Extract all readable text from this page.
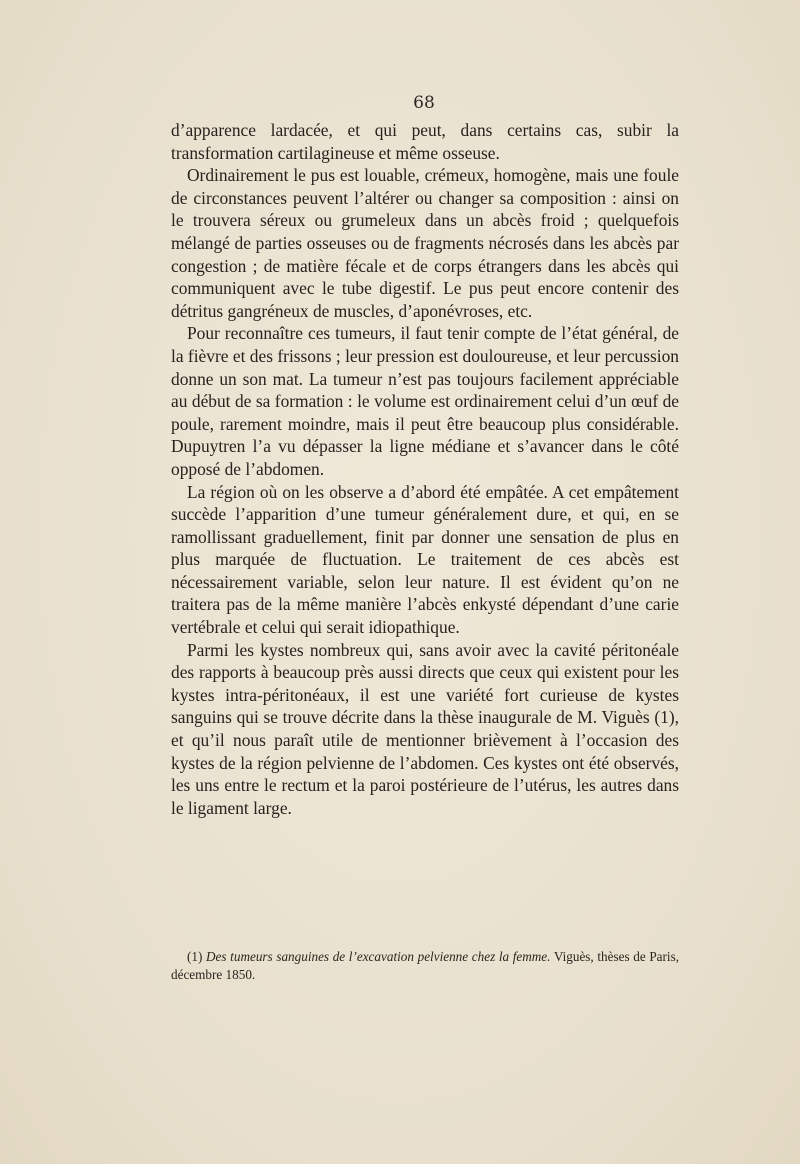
68

d’apparence lardacée, et qui peut, dans certains cas, subir la transformation cartilagineuse et même osseuse.

Ordinairement le pus est louable, crémeux, homogène, mais une foule de circonstances peuvent l’altérer ou changer sa composition : ainsi on le trouvera séreux ou grumeleux dans un abcès froid ; quelquefois mélangé de parties osseuses ou de fragments nécrosés dans les abcès par congestion ; de matière fécale et de corps étrangers dans les abcès qui communiquent avec le tube digestif. Le pus peut encore contenir des détritus gangréneux de muscles, d’aponévroses, etc.

Pour reconnaître ces tumeurs, il faut tenir compte de l’état général, de la fièvre et des frissons ; leur pression est douloureuse, et leur percussion donne un son mat. La tumeur n’est pas toujours facilement appréciable au début de sa formation : le volume est ordinairement celui d’un œuf de poule, rarement moindre, mais il peut être beaucoup plus considérable. Dupuytren l’a vu dépasser la ligne médiane et s’avancer dans le côté opposé de l’abdomen.

La région où on les observe a d’abord été empâtée. A cet empâtement succède l’apparition d’une tumeur généralement dure, et qui, en se ramollissant graduellement, finit par donner une sensation de plus en plus marquée de fluctuation. Le traitement de ces abcès est nécessairement variable, selon leur nature. Il est évident qu’on ne traitera pas de la même manière l’abcès enkysté dépendant d’une carie vertébrale et celui qui serait idiopathique.

Parmi les kystes nombreux qui, sans avoir avec la cavité péritonéale des rapports à beaucoup près aussi directs que ceux qui existent pour les kystes intra-péritonéaux, il est une variété fort curieuse de kystes sanguins qui se trouve décrite dans la thèse inaugurale de M. Viguès (1), et qu’il nous paraît utile de mentionner brièvement à l’occasion des kystes de la région pelvienne de l’abdomen. Ces kystes ont été observés, les uns entre le rectum et la paroi postérieure de l’utérus, les autres dans le ligament large.

(1) Des tumeurs sanguines de l’excavation pelvienne chez la femme. Viguès, thèses de Paris, décembre 1850.
